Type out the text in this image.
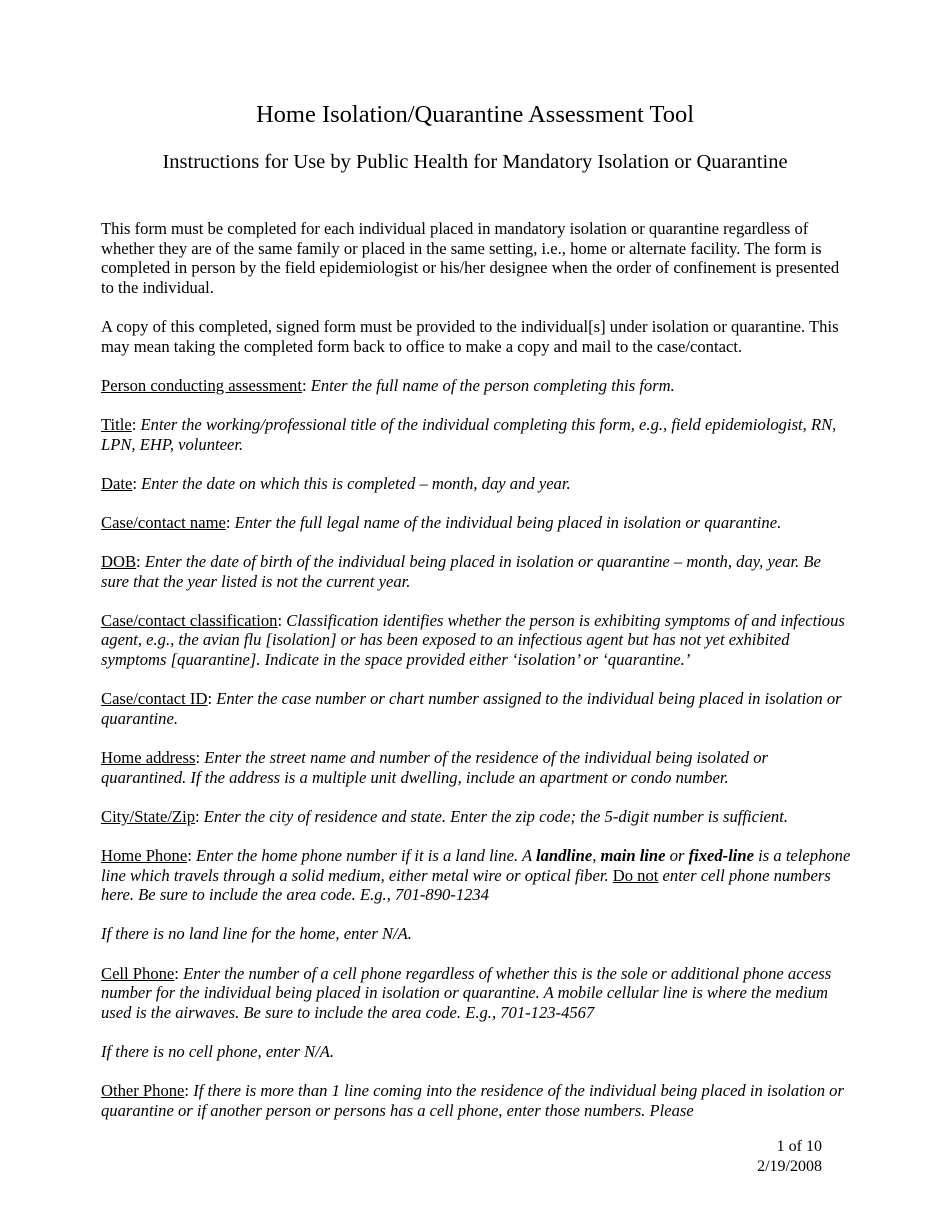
Home Isolation/Quarantine Assessment Tool
Instructions for Use by Public Health for Mandatory Isolation or Quarantine

This form must be completed for each individual placed in mandatory isolation or quarantine regardless of whether they are of the same family or placed in the same setting, i.e., home or alternate facility. The form is completed in person by the field epidemiologist or his/her designee when the order of confinement is presented to the individual.

A copy of this completed, signed form must be provided to the individual[s] under isolation or quarantine. This may mean taking the completed form back to office to make a copy and mail to the case/contact.

Person conducting assessment: Enter the full name of the person completing this form.

Title: Enter the working/professional title of the individual completing this form, e.g., field epidemiologist, RN, LPN, EHP, volunteer.

Date: Enter the date on which this is completed – month, day and year.

Case/contact name: Enter the full legal name of the individual being placed in isolation or quarantine.

DOB: Enter the date of birth of the individual being placed in isolation or quarantine – month, day, year. Be sure that the year listed is not the current year.

Case/contact classification: Classification identifies whether the person is exhibiting symptoms of and infectious agent, e.g., the avian flu [isolation] or has been exposed to an infectious agent but has not yet exhibited symptoms [quarantine]. Indicate in the space provided either ‘isolation’ or ‘quarantine.’

Case/contact ID: Enter the case number or chart number assigned to the individual being placed in isolation or quarantine.

Home address: Enter the street name and number of the residence of the individual being isolated or quarantined. If the address is a multiple unit dwelling, include an apartment or condo number.

City/State/Zip: Enter the city of residence and state. Enter the zip code; the 5-digit number is sufficient.

Home Phone: Enter the home phone number if it is a land line. A landline, main line or fixed-line is a telephone line which travels through a solid medium, either metal wire or optical fiber. Do not enter cell phone numbers here. Be sure to include the area code. E.g., 701-890-1234

If there is no land line for the home, enter N/A.

Cell Phone: Enter the number of a cell phone regardless of whether this is the sole or additional phone access number for the individual being placed in isolation or quarantine. A mobile cellular line is where the medium used is the airwaves. Be sure to include the area code. E.g., 701-123-4567

If there is no cell phone, enter N/A.

Other Phone: If there is more than 1 line coming into the residence of the individual being placed in isolation or quarantine or if another person or persons has a cell phone, enter those numbers. Please

1 of 10
2/19/2008
